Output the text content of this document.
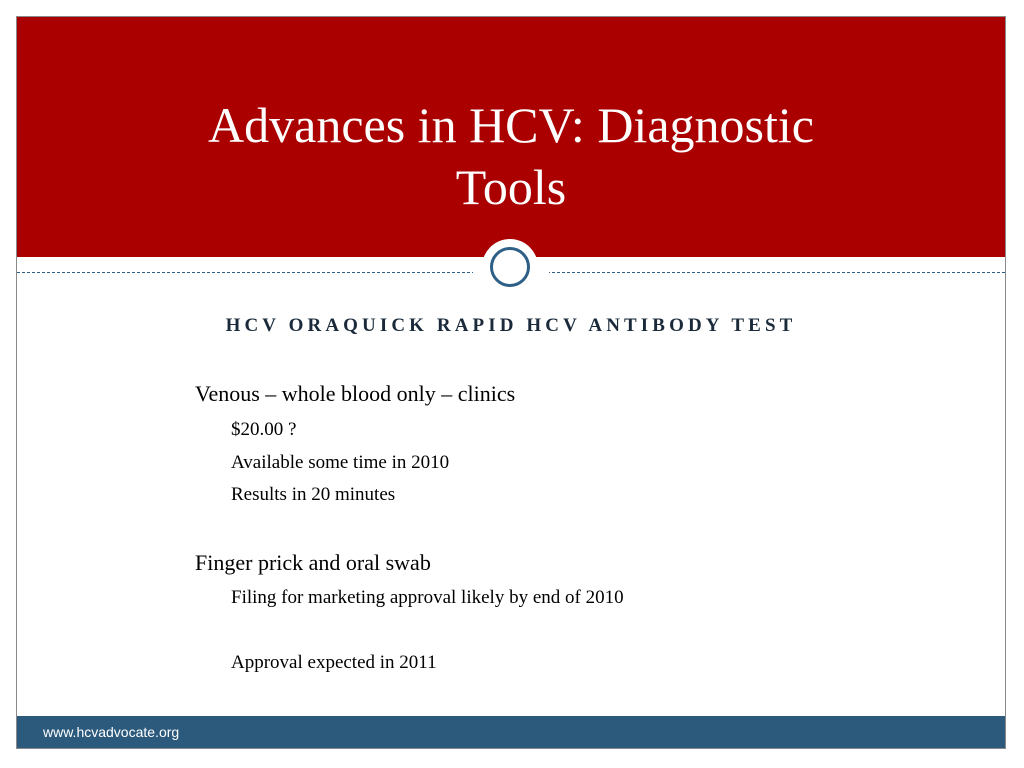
Advances in HCV: Diagnostic
Tools
HCV ORAQUICK RAPID HCV ANTIBODY TEST
Venous – whole blood only – clinics
$20.00 ?
Available some time in 2010
Results in 20 minutes
Finger prick and oral swab
Filing for marketing approval likely by end of 2010
Approval expected in 2011
www.hcvadvocate.org
